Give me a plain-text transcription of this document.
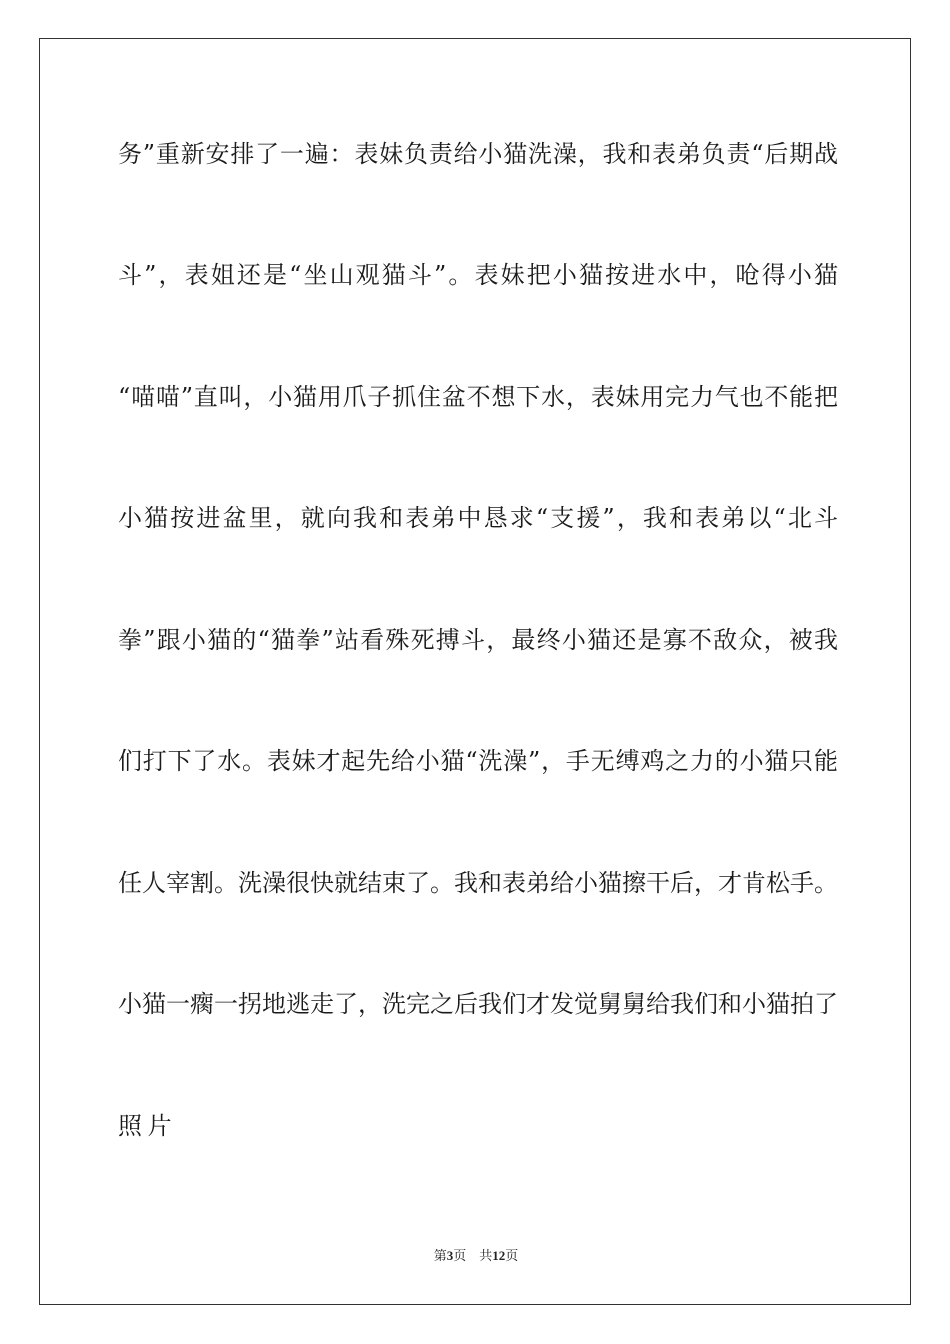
务”重新安排了一遍：表妹负责给小猫洗澡，我和表弟负责“后期战
斗”，表姐还是“坐山观猫斗”。表妹把小猫按进水中，呛得小猫
“喵喵”直叫，小猫用爪子抓住盆不想下水，表妹用完力气也不能把
小猫按进盆里，就向我和表弟中恳求“支援”，我和表弟以“北斗
拳”跟小猫的“猫拳”站看殊死搏斗，最终小猫还是寡不敌众，被我
们打下了水。表妹才起先给小猫“洗澡”，手无缚鸡之力的小猫只能
任人宰割。洗澡很快就结束了。我和表弟给小猫擦干后，才肯松手。
小猫一瘸一拐地逃走了，洗完之后我们才发觉舅舅给我们和小猫拍了
照片
第3页 共12页
